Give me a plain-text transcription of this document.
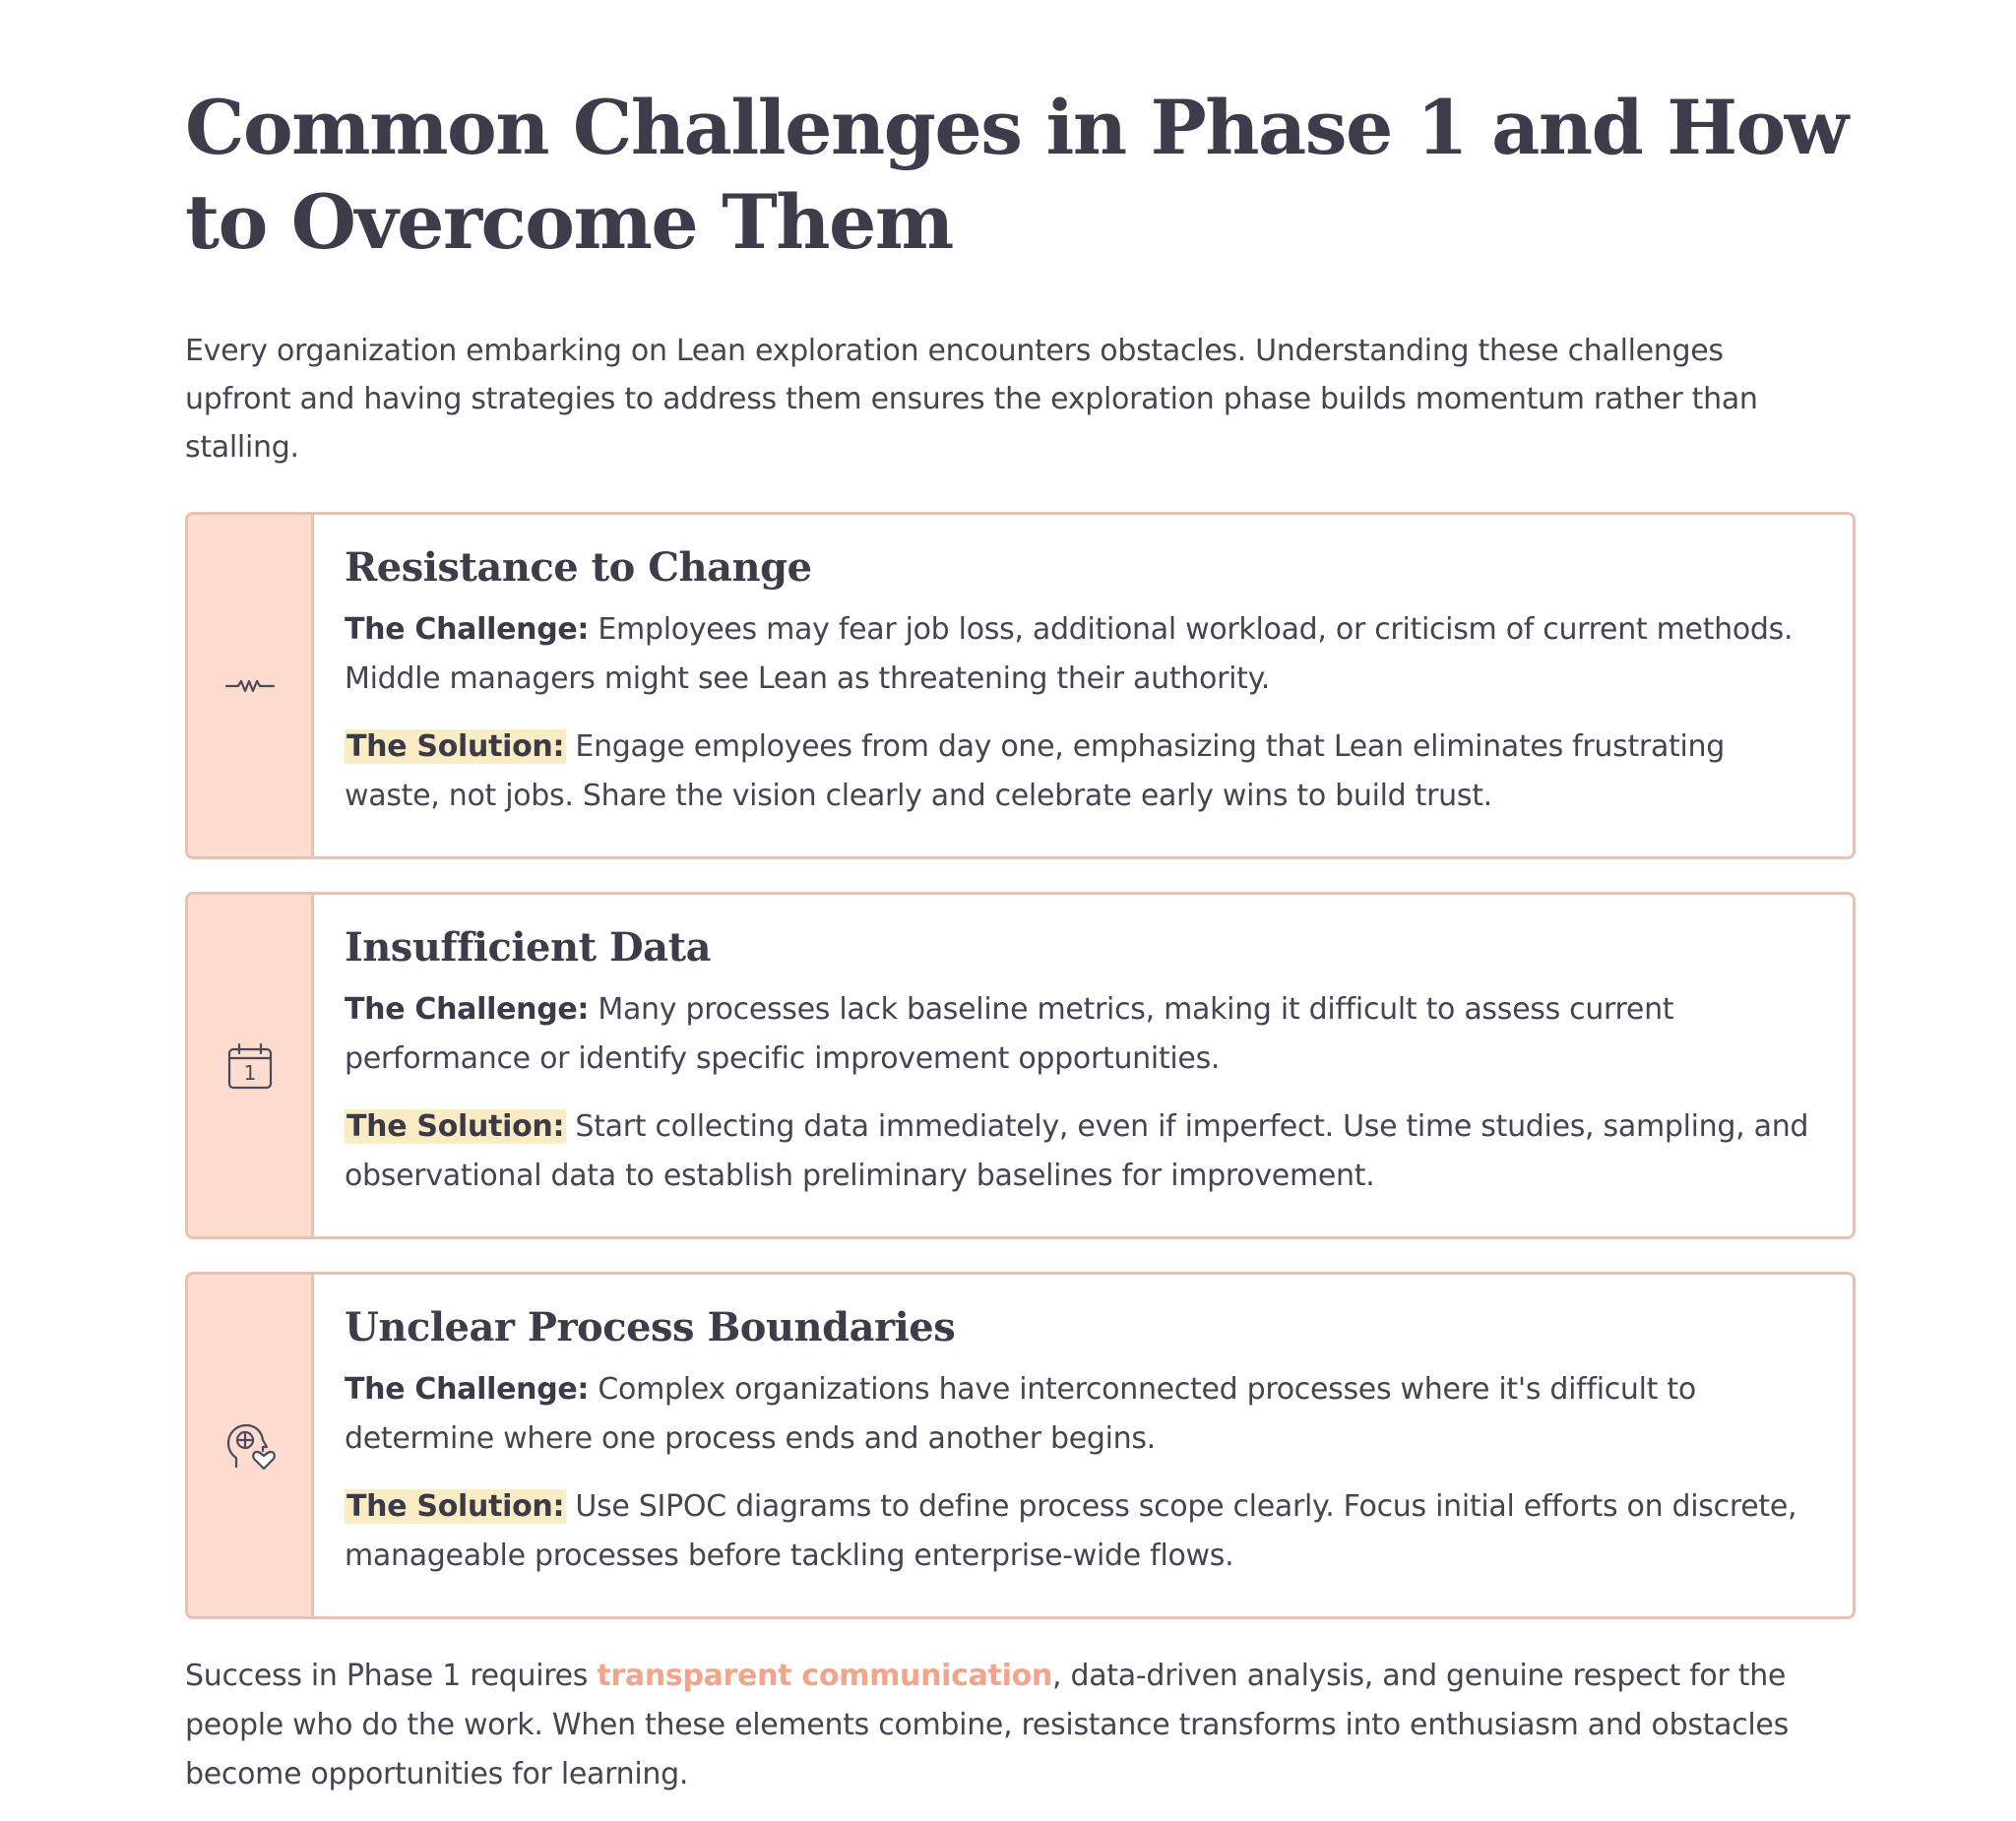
Common Challenges in Phase 1 and How to Overcome Them

Every organization embarking on Lean exploration encounters obstacles. Understanding these challenges upfront and having strategies to address them ensures the exploration phase builds momentum rather than stalling.

Resistance to Change

The Challenge: Employees may fear job loss, additional workload, or criticism of current methods. Middle managers might see Lean as threatening their authority.

The Solution: Engage employees from day one, emphasizing that Lean eliminates frustrating waste, not jobs. Share the vision clearly and celebrate early wins to build trust.

1
Insufficient Data

The Challenge: Many processes lack baseline metrics, making it difficult to assess current performance or identify specific improvement opportunities.

The Solution: Start collecting data immediately, even if imperfect. Use time studies, sampling, and observational data to establish preliminary baselines for improvement.

Unclear Process Boundaries

The Challenge: Complex organizations have interconnected processes where it's difficult to determine where one process ends and another begins.

The Solution: Use SIPOC diagrams to define process scope clearly. Focus initial efforts on discrete, manageable processes before tackling enterprise-wide flows.

Success in Phase 1 requires transparent communication, data-driven analysis, and genuine respect for the people who do the work. When these elements combine, resistance transforms into enthusiasm and obstacles become opportunities for learning.
